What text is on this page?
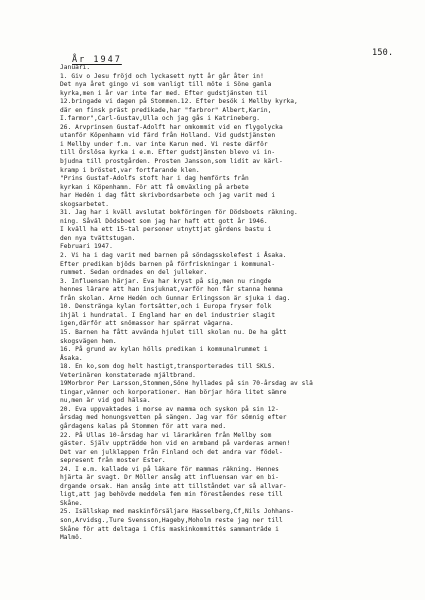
150.
År 1947
Januari.
1. Giv o Jesu fröjd och lyckasett nytt år går åter in!
Det nya året gingo vi som vanligt till möte i Söne gamla
kyrka,men i år var inte far med. Efter gudstjänsten til
12.bringade vi dagen på Stommen.12. Efter besök i Mellby kyrka,
där en finsk präst predikade,har "farbror" Albert,Karin,
I.farmor",Carl-Gustav,Ulla och jag gås i Katrineberg.
26. Arvprinsen Gustaf-Adolft har omkommit vid en flygolycka
utanför Köpenhamn vid färd från Holland. Vid gudstjänsten
i Mellby under f.m. var inte Karun med. Vi reste därför
till Örslösa kyrka i e.m. Efter gudstjänsten blevo vi in-
bjudna till prostgården. Prosten Jansson,som lidit av kärl-
kramp i bröstet,var fortfarande klen.
"Prins Gustaf-Adolfs stoft har i dag hemförts från
kyrkan i Köpenhamn. För att få omväxling på arbete
har Hedén i dag fått skrivbordsarbete och jag varit med i
skogsarbetet.
31. Jag har i kväll avslutat bokföringen för Dödsboets räkning.
ning. Såväl Dödsboet som jag har haft ett gott år 1946.
I kväll ha ett 15-tal personer utnyttjat gårdens bastu i
den nya tvättstugan.
Februari 1947.
2. Vi ha i dag varit med barnen på söndagsskolefest i Åsaka.
Efter predikan bjöds barnen på förfriskningar i kommunal-
rummet. Sedan ordnades en del julleker.
3. Influensan härjar. Eva har kryst på sig,men nu ringde
hennes lärare att han insjuknat,varför hon får stanna hemma
från skolan. Arne Hedén och Gunnar Erlingsson är sjuka i dag.
10. Denstränga kylan fortsätter,och i Europa fryser folk
ihjäl i hundratal. I England har en del industrier slagit
igen,därför att snömassor har spärrat vägarna.
15. Barnen ha fått avvända hjulet till skolan nu. De ha gått
skogsvägen hem.
16. På grund av kylan hölls predikan i kommunalrummet i
Åsaka.
18. En ko,som dog helt hastigt,transporterades till SKLS.
Veterinären konstaterade mjältbrand.
19Morbror Per Larsson,Stommen,Söne hyllades på sin 70-årsdag av slä
tingar,vänner och korporationer. Han börjar höra litet sämre
nu,men är vid god hälsa.
20. Eva uppvaktades i morse av mamma och syskon på sin 12-
årsdag med honungsvetten på sängen. Jag var för sömnig efter
gårdagens kalas på Stommen för att vara med.
22. På Ullas 10-årsdag har vi lärarkåren från Mellby som
gäster. Själv uppträdde hon vid en armband på varderas armen!
Det var en julklappen från Finland och det andra var födel-
sepresent från moster Ester.
24. I e.m. kallade vi på läkare för mammas räkning. Hennes
hjärta är svagt. Dr Möller ansåg att influensan var en bi-
drgande orsak. Han ansåg inte att tillståndet var så allvar-
ligt,att jag behövde meddela fem min föreståendes rese till
Skåne.
25. Isällskap med maskinförsäljare Hasselberg,Cf,Nils Johhans-
son,Arvidsg.,Ture Svensson,Hageby,Moholm reste jag ner till
Skåne för att deltaga i Cfis maskinkommittés sammanträde i
Malmö.
